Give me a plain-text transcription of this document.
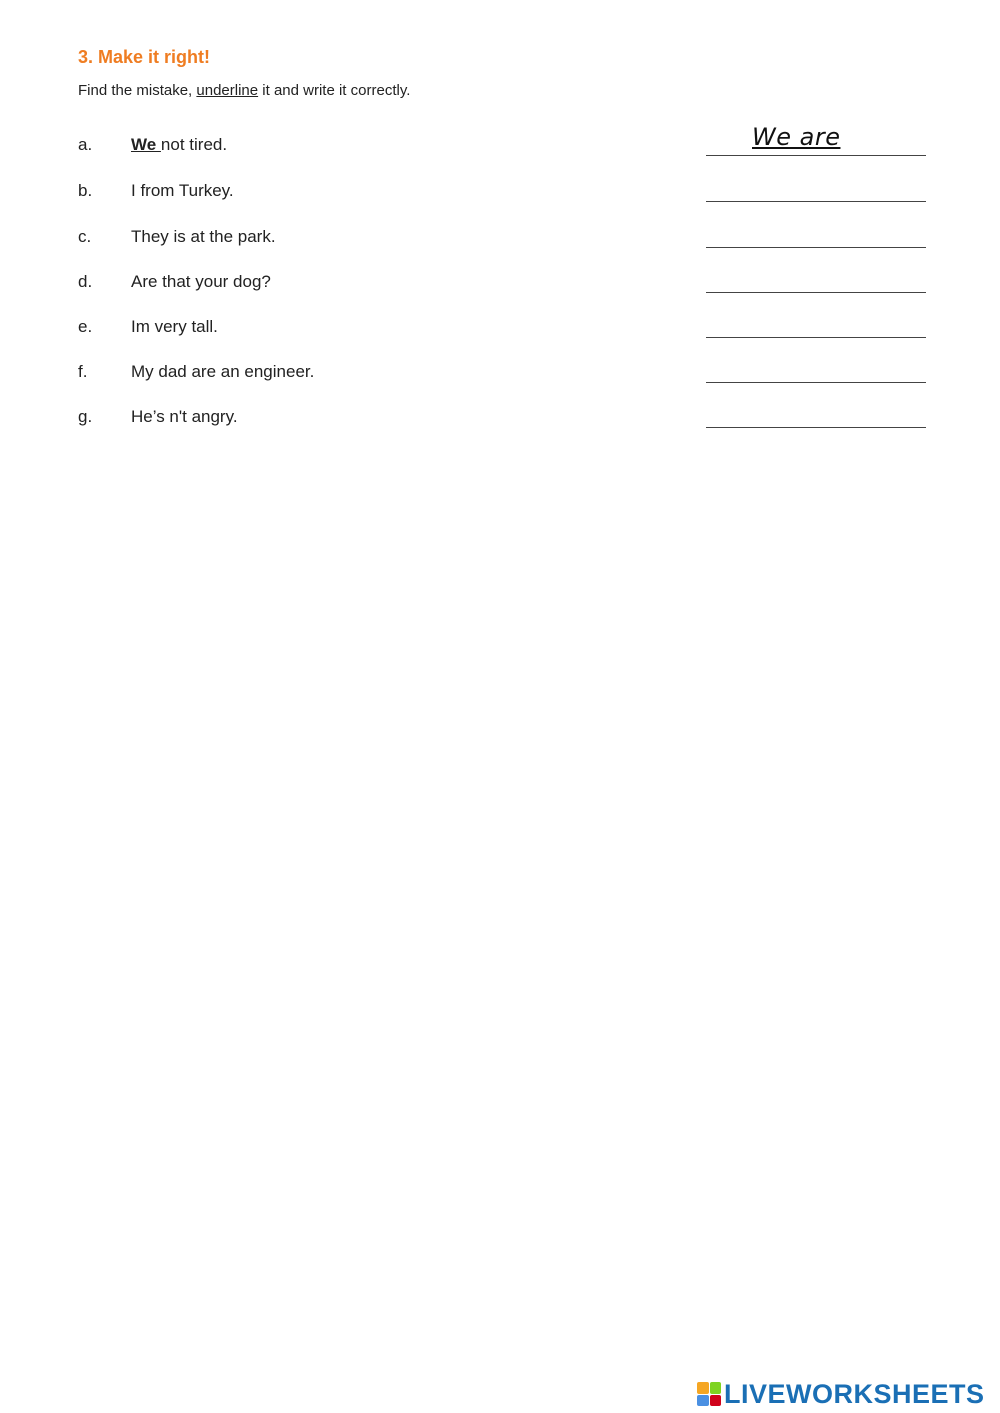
3. Make it right!
Find the mistake, underline it and write it correctly.
a. We not tired.	We are
b. I from Turkey.
c. They is at the park.
d. Are that your dog?
e. Im very tall.
f.	My dad are an engineer.
g. He’s n't angry.
LIVEWORKSHEETS
